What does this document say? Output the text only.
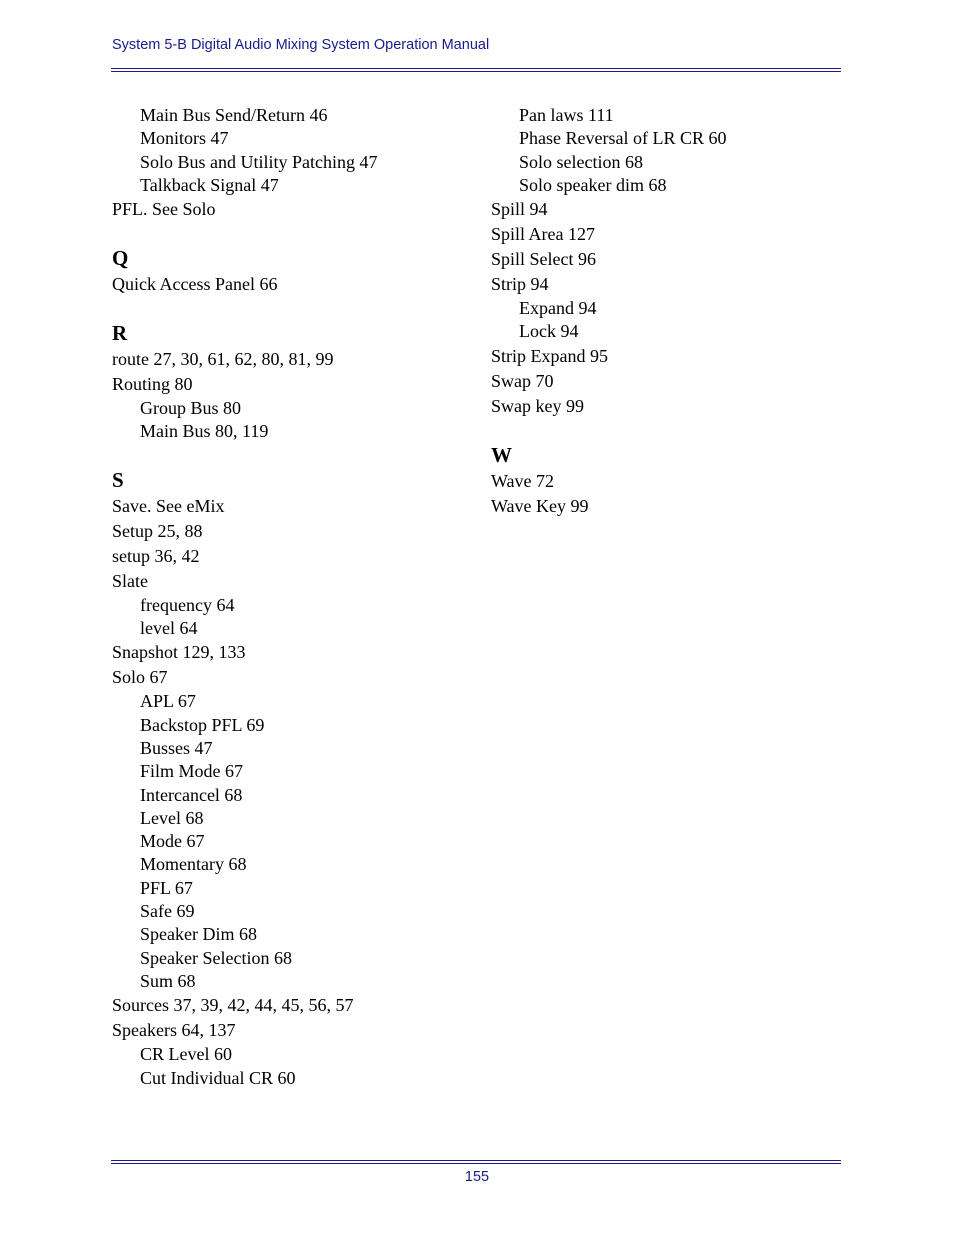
System 5-B Digital Audio Mixing System Operation Manual
Main Bus Send/Return 46
Monitors 47
Solo Bus and Utility Patching 47
Talkback Signal 47
PFL. See Solo
Q
Quick Access Panel 66
R
route 27, 30, 61, 62, 80, 81, 99
Routing 80
Group Bus 80
Main Bus 80, 119
S
Save. See eMix
Setup 25, 88
setup 36, 42
Slate
frequency 64
level 64
Snapshot 129, 133
Solo 67
APL 67
Backstop PFL 69
Busses 47
Film Mode 67
Intercancel 68
Level 68
Mode 67
Momentary 68
PFL 67
Safe 69
Speaker Dim 68
Speaker Selection 68
Sum 68
Sources 37, 39, 42, 44, 45, 56, 57
Speakers 64, 137
CR Level 60
Cut Individual CR 60
Pan laws 111
Phase Reversal of LR CR 60
Solo selection 68
Solo speaker dim 68
Spill 94
Spill Area 127
Spill Select 96
Strip 94
Expand 94
Lock 94
Strip Expand 95
Swap 70
Swap key 99
W
Wave 72
Wave Key 99
155
